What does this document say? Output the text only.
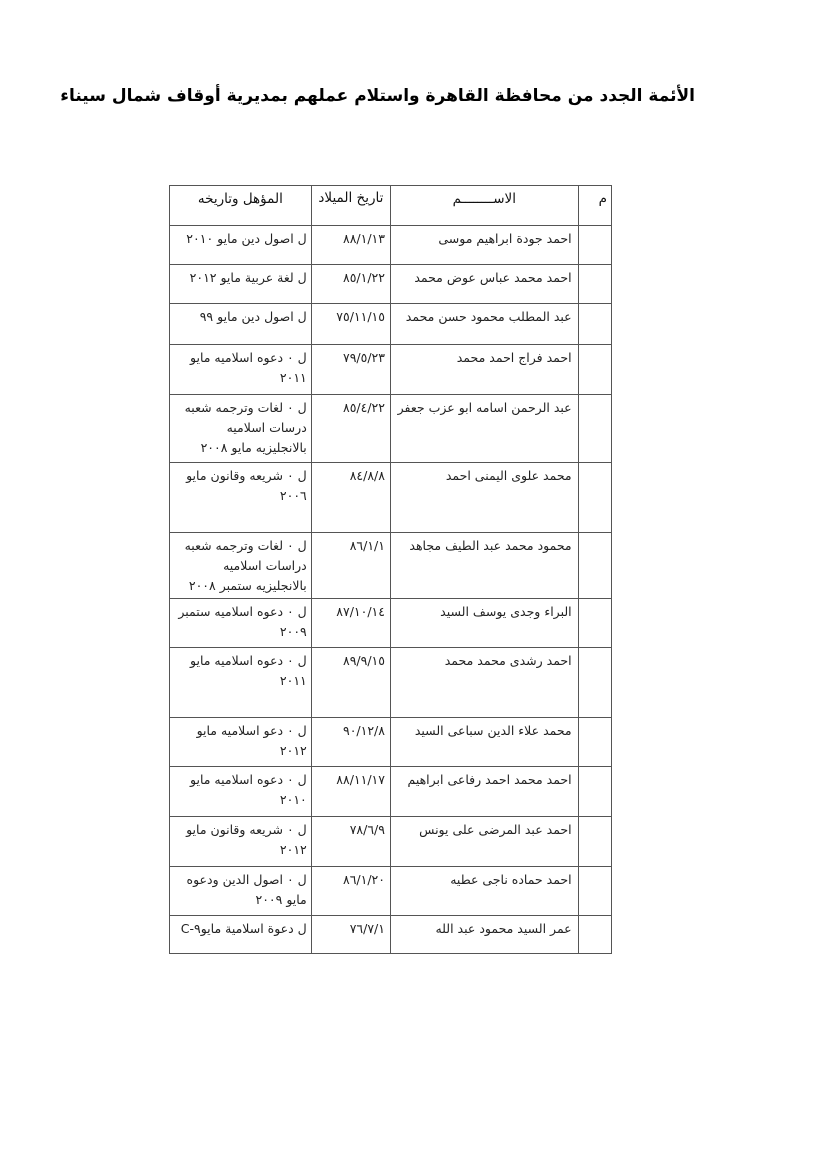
الأئمة الجدد من محافظة القاهرة واستلام عملهم بمديرية أوقاف شمال سيناء
المؤهل وتاريخه	تاريخ الميلاد	الاســــــــم	م
ل اصول دين مايو ٢٠١٠	٨٨/١/١٣	احمد جودة ابراهيم موسى	
ل لغة عربية مايو ٢٠١٢	٨٥/١/٢٢	احمد محمد عباس عوض محمد	
ل اصول دين مايو ٩٩	٧٥/١١/١٥	عبد المطلب محمود حسن محمد	
ل ٠ دعوه اسلاميه مايو ٢٠١١	٧٩/٥/٢٣	احمد فراج احمد محمد	
ل ٠ لغات وترجمه شعبه درسات اسلاميه بالانجليزيه مايو ٢٠٠٨	٨٥/٤/٢٢	عبد الرحمن اسامه ابو عزب جعفر	
ل ٠ شريعه وقانون مايو ٢٠٠٦	٨٤/٨/٨	محمد علوى اليمنى احمد	
ل ٠ لغات وترجمه شعبه دراسات اسلاميه بالانجليزيه ستمبر ٢٠٠٨	٨٦/١/١	محمود محمد عبد الطيف مجاهد	
ل ٠ دعوه اسلاميه ستمبر ٢٠٠٩	٨٧/١٠/١٤	البراء وجدى يوسف السيد	
ل ٠ دعوه اسلاميه مايو ٢٠١١	٨٩/٩/١٥	احمد رشدى محمد محمد	
ل ٠ دعو اسلاميه مايو ٢٠١٢	٩٠/١٢/٨	محمد علاء الدين سباعى السيد	
ل ٠ دعوه اسلاميه مايو ٢٠١٠	٨٨/١١/١٧	احمد محمد احمد رفاعى ابراهيم	
ل ٠ شريعه وقانون مايو ٢٠١٢	٧٨/٦/٩	احمد عبد المرضى على يونس	
ل ٠ اصول الدين ودعوه مايو ٢٠٠٩	٨٦/١/٢٠	احمد حماده ناجى عطيه	
ل دعوة اسلامية مايو٩-C	٧٦/٧/١	عمر السيد محمود عبد الله	
